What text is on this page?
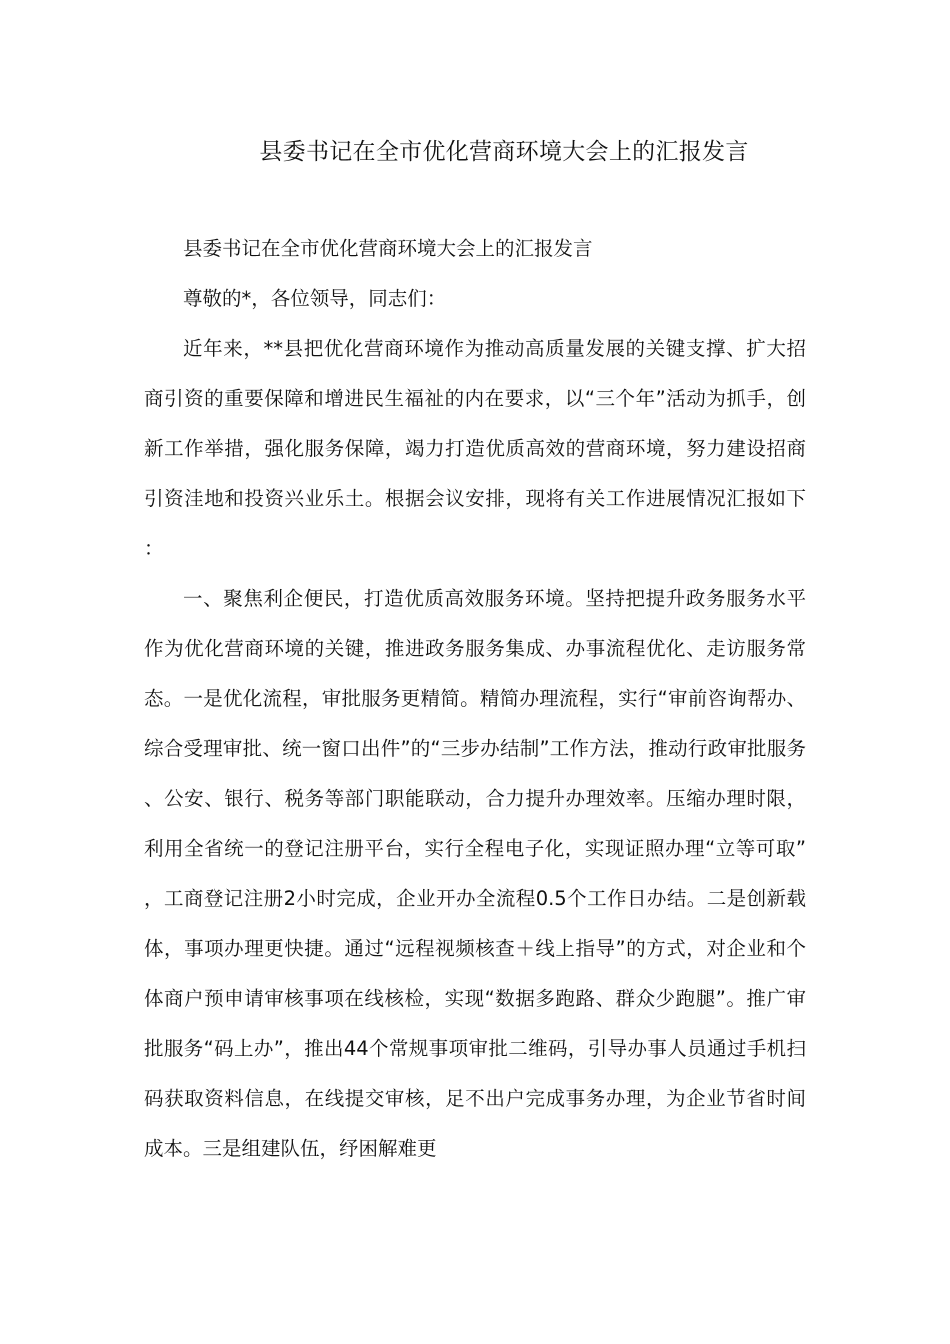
县委书记在全市优化营商环境大会上的汇报发言

县委书记在全市优化营商环境大会上的汇报发言

尊敬的*，各位领导，同志们：

近年来，**县把优化营商环境作为推动高质量发展的关键支撑、扩大招商引资的重要保障和增进民生福祉的内在要求，以“三个年”活动为抓手，创新工作举措，强化服务保障，竭力打造优质高效的营商环境，努力建设招商引资洼地和投资兴业乐土。根据会议安排，现将有关工作进展情况汇报如下：

一、聚焦利企便民，打造优质高效服务环境。坚持把提升政务服务水平作为优化营商环境的关键，推进政务服务集成、办事流程优化、走访服务常态。一是优化流程，审批服务更精简。精简办理流程，实行“审前咨询帮办、综合受理审批、统一窗口出件”的“三步办结制”工作方法，推动行政审批服务、公安、银行、税务等部门职能联动，合力提升办理效率。压缩办理时限，利用全省统一的登记注册平台，实行全程电子化，实现证照办理“立等可取”，工商登记注册2小时完成，企业开办全流程0.5个工作日办结。二是创新载体，事项办理更快捷。通过“远程视频核查＋线上指导”的方式，对企业和个体商户预申请审核事项在线核检，实现“数据多跑路、群众少跑腿”。推广审批服务“码上办”，推出44个常规事项审批二维码，引导办事人员通过手机扫码获取资料信息，在线提交审核，足不出户完成事务办理，为企业节省时间成本。三是组建队伍，纾困解难更
